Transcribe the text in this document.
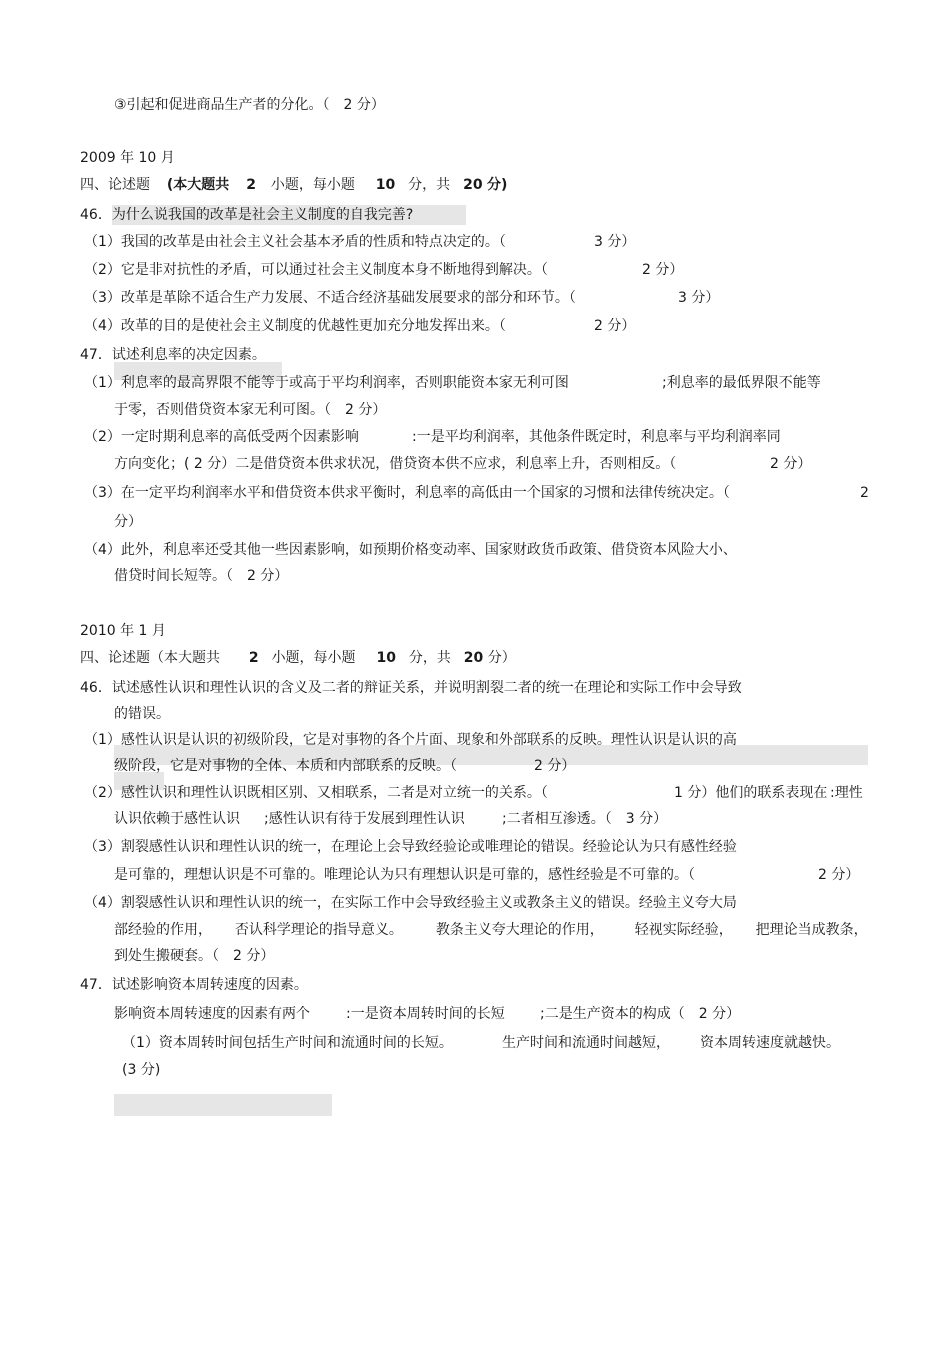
③引起和促进商品生产者的分化。（　2 分）
2009 年 10 月
四、论述题 (本大题共 2 小题，每小题 10 分，共 20 分)
46．为什么说我国的改革是社会主义制度的自我完善?
（1）我国的改革是由社会主义社会基本矛盾的性质和特点决定的。（	3 分）
（2）它是非对抗性的矛盾，可以通过社会主义制度本身不断地得到解决。（	2 分）
（3）改革是革除不适合生产力发展、不适合经济基础发展要求的部分和环节。（	3 分）
（4）改革的目的是使社会主义制度的优越性更加充分地发挥出来。（	2 分）
47．试述利息率的决定因素。
（1）利息率的最高界限不能等于或高于平均利润率，否则职能资本家无利可图	;利息率的最低界限不能等
于零，否则借贷资本家无利可图。（　2 分）
（2）一定时期利息率的高低受两个因素影响	:一是平均利润率，其他条件既定时，利息率与平均利润率同
方向变化；( 2 分）二是借贷资本供求状况，借贷资本供不应求，利息率上升，否则相反。（	2 分）
（3）在一定平均利润率水平和借贷资本供求平衡时，利息率的高低由一个国家的习惯和法律传统决定。（	2
分）
（4）此外，利息率还受其他一些因素影响，如预期价格变动率、国家财政货币政策、借贷资本风险大小、
借贷时间长短等。（　2 分）
2010 年 1 月
四、论述题（本大题共 2 小题，每小题 10 分，共 20 分）
46．试述感性认识和理性认识的含义及二者的辩证关系，并说明割裂二者的统一在理论和实际工作中会导致
的错误。
（1）感性认识是认识的初级阶段，它是对事物的各个片面、现象和外部联系的反映。理性认识是认识的高
级阶段，它是对事物的全体、本质和内部联系的反映。（	2 分）
（2）感性认识和理性认识既相区别、又相联系，二者是对立统一的关系。（	1 分）他们的联系表现在 :理性
认识依赖于感性认识 ;感性认识有待于发展到理性认识	;二者相互渗透。（　3 分）
（3）割裂感性认识和理性认识的统一，在理论上会导致经验论或唯理论的错误。经验论认为只有感性经验
是可靠的，理想认识是不可靠的。唯理论认为只有理想认识是可靠的，感性经验是不可靠的。（	2 分）
（4）割裂感性认识和理性认识的统一，在实际工作中会导致经验主义或教条主义的错误。经验主义夸大局
部经验的作用， 否认科学理论的指导意义。 教条主义夸大理论的作用， 轻视实际经验， 把理论当成教条，
到处生搬硬套。（　2 分）
47．试述影响资本周转速度的因素。
影响资本周转速度的因素有两个	:一是资本周转时间的长短	;二是生产资本的构成（　2 分）
（1）资本周转时间包括生产时间和流通时间的长短。	生产时间和流通时间越短， 资本周转速度就越快。
(3 分)
